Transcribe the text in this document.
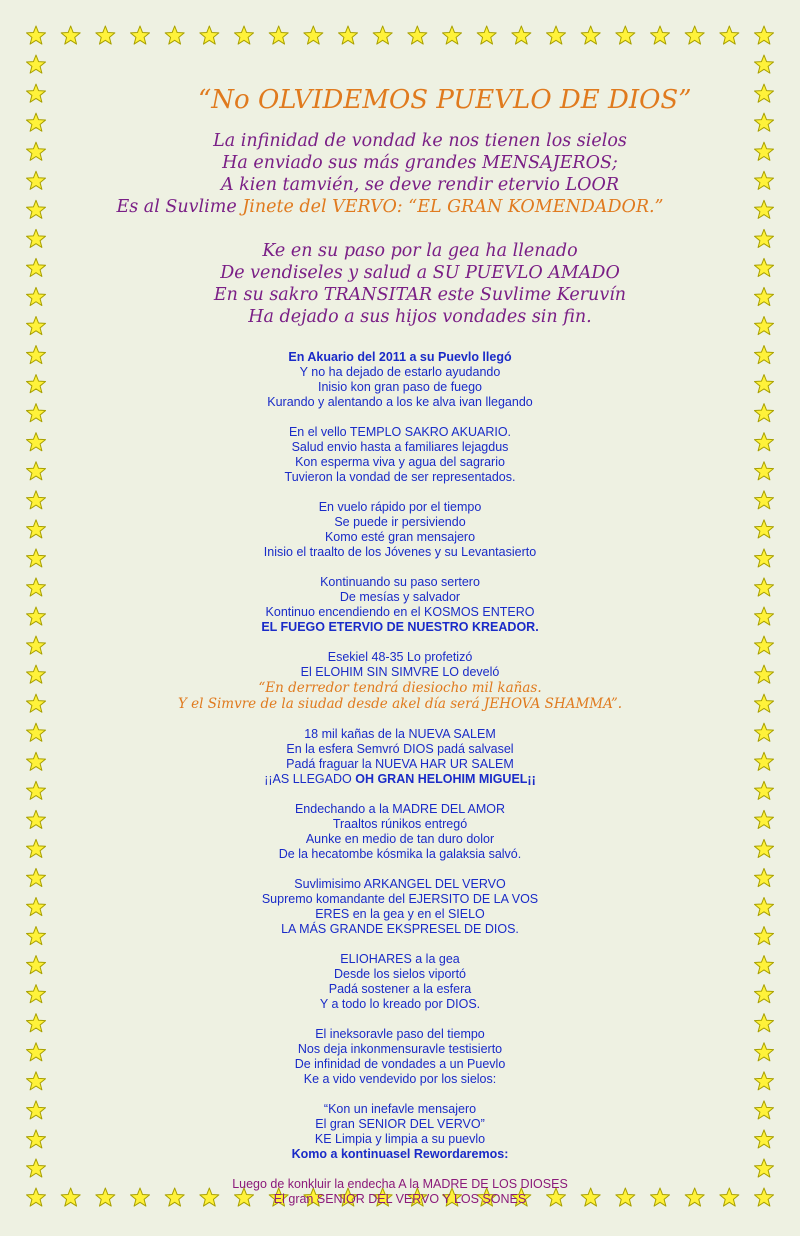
“No OLVIDEMOS PUEVLO DE DIOS”
La infinidad de vondad ke nos tienen los sielos
Ha enviado sus más grandes MENSAJEROS;
A kien tamvién, se deve rendir etervio LOOR
Es al Suvlime Jinete del VERVO: “EL GRAN KOMENDADOR.”
Ke en su paso por la gea ha llenado
De vendiseles y salud a SU PUEVLO AMADO
En su sakro TRANSITAR este Suvlime Keruvín
Ha dejado a sus hijos vondades sin fin.
En Akuario del 2011 a su Puevlo llegó
Y no ha dejado de estarlo ayudando
Inisio kon gran paso de fuego
Kurando y alentando a los ke alva ivan llegando
En el vello TEMPLO SAKRO AKUARIO.
Salud envio hasta a familiares lejagdus
Kon esperma viva y agua del sagrario
Tuvieron la vondad de ser representados.
En vuelo rápido por el tiempo
Se puede ir persiviendo
Komo esté gran mensajero
Inisio el traalto de los Jóvenes y su Levantasierto
Kontinuando su paso sertero
De mesías y salvador
Kontinuo encendiendo en el KOSMOS ENTERO
EL FUEGO ETERVIO DE NUESTRO KREADOR.
Esekiel 48-35 Lo profetizó
El ELOHIM SIN SIMVRE LO develó
“En derredor tendrá diesiocho mil kañas.
Y el Simvre de la siudad desde akel día será JEHOVA SHAMMA”.
18 mil kañas de la NUEVA SALEM
En la esfera Semvró DIOS padá salvasel
Padá fraguar la NUEVA HAR UR SALEM
¡¡AS LLEGADO OH GRAN HELOHIM MIGUEL¡¡
Endechando a la MADRE DEL AMOR
Traaltos rúnikos entregó
Aunke en medio de tan duro dolor
De la hecatombe kósmika la galaksia salvó.
Suvlimisimo ARKANGEL DEL VERVO
Supremo komandante del EJERSITO DE LA VOS
ERES en la gea y en el SIELO
LA MÁS GRANDE EKSPRESEL DE DIOS.
ELIOHARES a la gea
Desde los sielos viportó
Padá sostener a la esfera
Y a todo lo kreado por DIOS.
El ineksoravle paso del tiempo
Nos deja inkonmensuravle testisierto
De infinidad de vondades a un Puevlo
Ke a vido vendevido por los sielos:
“Kon un inefavle mensajero
El gran SENIOR DEL VERVO”
KE Limpia y limpia a su puevlo
Komo a kontinuasel Rewordaremos:
Luego de konkluir la endecha A la MADRE DE LOS DIOSES
El gran SENIOR DEL VERVO Y LOS SONES
